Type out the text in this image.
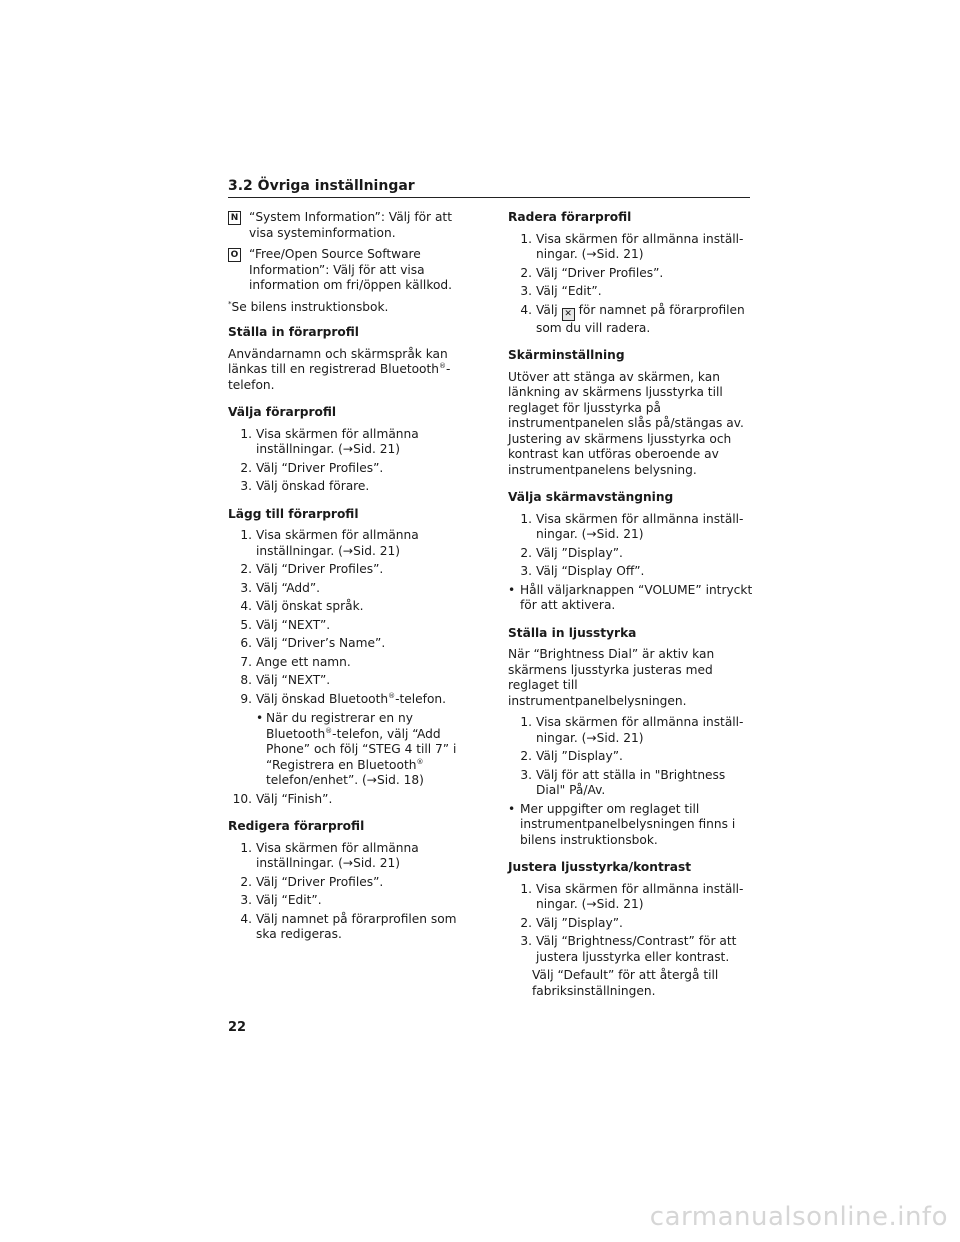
3.2 Övriga inställningar
N “System Information”: Välj för att visa systeminformation.
O “Free/Open Source Software Information”: Välj för att visa information om fri/öppen källkod.
*Se bilens instruktionsbok.
Ställa in förarprofil

Användarnamn och skärmspråk kan länkas till en registrerad Bluetooth®-telefon.

Välja förarprofil
1. Visa skärmen för allmänna inställningar. (→Sid. 21)
2. Välj “Driver Profiles”.
3. Välj önskad förare.
Lägg till förarprofil
1. Visa skärmen för allmänna inställningar. (→Sid. 21)
2. Välj “Driver Profiles”.
3. Välj “Add”.
4. Välj önskat språk.
5. Välj “NEXT”.
6. Välj “Driver’s Name”.
7. Ange ett namn.
8. Välj “NEXT”.
9. Välj önskad Bluetooth®-telefon.
• När du registrerar en ny Bluetooth®-telefon, välj “Add Phone” och följ “STEG 4 till 7” i “Registrera en Bluetooth® telefon/enhet”. (→Sid. 18)
10. Välj “Finish”.
Redigera förarprofil
1. Visa skärmen för allmänna inställningar. (→Sid. 21)
2. Välj “Driver Profiles”.
3. Välj “Edit”.
4. Välj namnet på förarprofilen som ska redigeras.
Radera förarprofil
1. Visa skärmen för allmänna inställ- ningar. (→Sid. 21)
2. Välj “Driver Profiles”.
3. Välj “Edit”.
4. Välj ✕ för namnet på förarprofilen som du vill radera.
Skärminställning

Utöver att stänga av skärmen, kan länkning av skärmens ljusstyrka till reglaget för ljusstyrka på instrumentpanelen slås på/stängas av. Justering av skärmens ljusstyrka och kontrast kan utföras oberoende av instrumentpanelens belysning.

Välja skärmavstängning
1. Visa skärmen för allmänna inställ- ningar. (→Sid. 21)
2. Välj ”Display”.
3. Välj “Display Off”.
• Håll väljarknappen “VOLUME” intryckt för att aktivera.
Ställa in ljusstyrka

När “Brightness Dial” är aktiv kan skärmens ljusstyrka justeras med reglaget till instrumentpanelbelysningen.

1. Visa skärmen för allmänna inställ- ningar. (→Sid. 21)
2. Välj ”Display”.
3. Välj för att ställa in "Brightness Dial" På/Av.
• Mer uppgifter om reglaget till instrumentpanelbelysningen finns i bilens instruktionsbok.
Justera ljusstyrka/kontrast
1. Visa skärmen för allmänna inställ- ningar. (→Sid. 21)
2. Välj ”Display”.
3. Välj “Brightness/Contrast” för att justera ljusstyrka eller kontrast.
Välj “Default” för att återgå till fabriksinställningen.
22
carmanualsonline.info
